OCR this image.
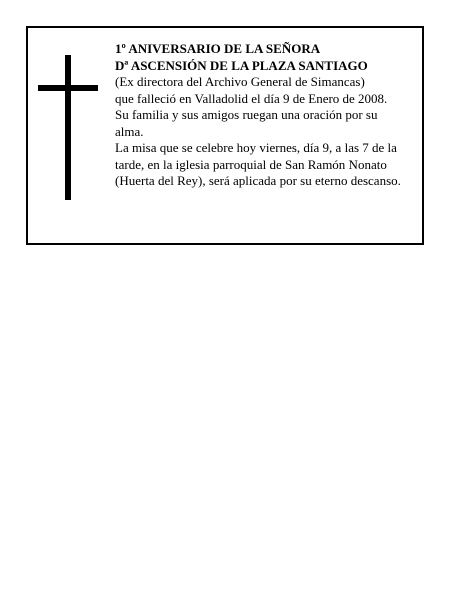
1º ANIVERSARIO DE LA SEÑORA
Dª ASCENSIÓN DE LA PLAZA SANTIAGO
(Ex directora del Archivo General de Simancas)
que falleció en Valladolid el día 9 de Enero de 2008.
Su familia y sus amigos ruegan una oración por su
alma.
La misa que se celebre hoy viernes, día 9, a las 7 de la
tarde, en la iglesia parroquial de San Ramón Nonato
(Huerta del Rey), será aplicada por su eterno descanso.
